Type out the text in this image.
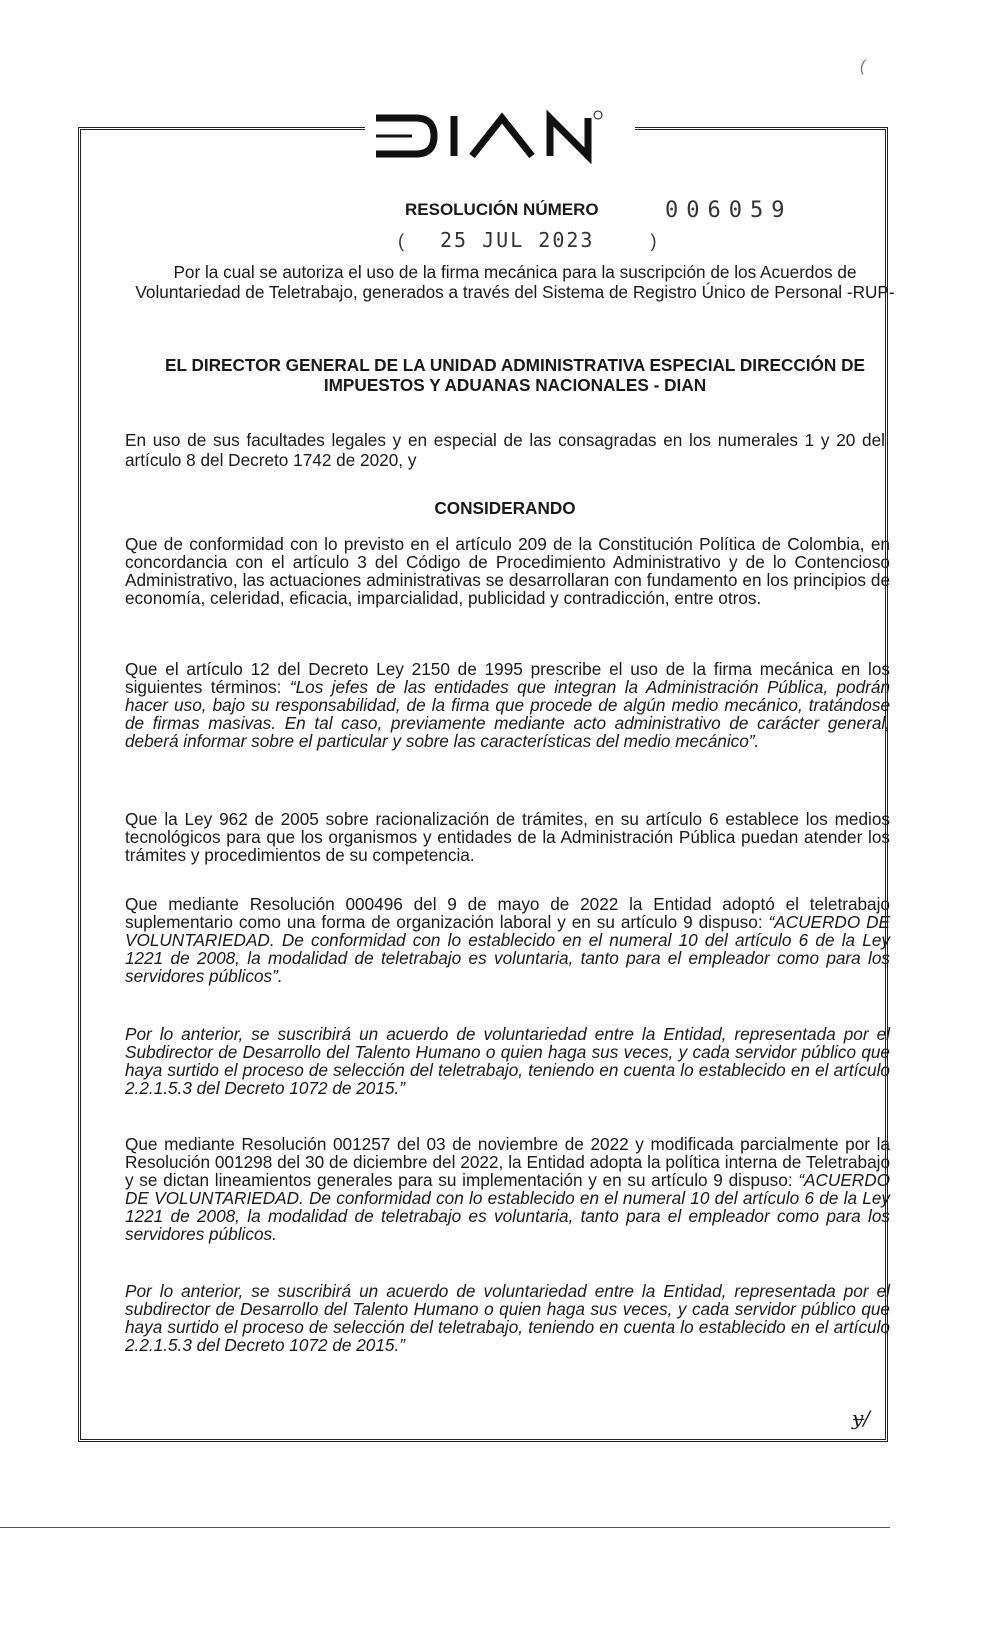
(
RESOLUCIÓN NÚMERO	006059
( 25 JUL 2023	)
Por la cual se autoriza el uso de la firma mecánica para la suscripción de los Acuerdos de Voluntariedad de Teletrabajo, generados a través del Sistema de Registro Único de Personal -RUP-
EL DIRECTOR GENERAL DE LA UNIDAD ADMINISTRATIVA ESPECIAL DIRECCIÓN DE IMPUESTOS Y ADUANAS NACIONALES - DIAN
En uso de sus facultades legales y en especial de las consagradas en los numerales 1 y 20 del artículo 8 del Decreto 1742 de 2020, y
CONSIDERANDO
Que de conformidad con lo previsto en el artículo 209 de la Constitución Política de Colombia, en concordancia con el artículo 3 del Código de Procedimiento Administrativo y de lo Contencioso Administrativo, las actuaciones administrativas se desarrollaran con fundamento en los principios de economía, celeridad, eficacia, imparcialidad, publicidad y contradicción, entre otros.
Que el artículo 12 del Decreto Ley 2150 de 1995 prescribe el uso de la firma mecánica en los siguientes términos: “Los jefes de las entidades que integran la Administración Pública, podrán hacer uso, bajo su responsabilidad, de la firma que procede de algún medio mecánico, tratándose de firmas masivas. En tal caso, previamente mediante acto administrativo de carácter general, deberá informar sobre el particular y sobre las características del medio mecánico”.
Que la Ley 962 de 2005 sobre racionalización de trámites, en su artículo 6 establece los medios tecnológicos para que los organismos y entidades de la Administración Pública puedan atender los trámites y procedimientos de su competencia.
Que mediante Resolución 000496 del 9 de mayo de 2022 la Entidad adoptó el teletrabajo suplementario como una forma de organización laboral y en su artículo 9 dispuso: “ACUERDO DE VOLUNTARIEDAD. De conformidad con lo establecido en el numeral 10 del artículo 6 de la Ley 1221 de 2008, la modalidad de teletrabajo es voluntaria, tanto para el empleador como para los servidores públicos”.
Por lo anterior, se suscribirá un acuerdo de voluntariedad entre la Entidad, representada por el Subdirector de Desarrollo del Talento Humano o quien haga sus veces, y cada servidor público que haya surtido el proceso de selección del teletrabajo, teniendo en cuenta lo establecido en el artículo 2.2.1.5.3 del Decreto 1072 de 2015.”
Que mediante Resolución 001257 del 03 de noviembre de 2022 y modificada parcialmente por la Resolución 001298 del 30 de diciembre del 2022, la Entidad adopta la política interna de Teletrabajo y se dictan lineamientos generales para su implementación y en su artículo 9 dispuso: “ACUERDO DE VOLUNTARIEDAD. De conformidad con lo establecido en el numeral 10 del artículo 6 de la Ley 1221 de 2008, la modalidad de teletrabajo es voluntaria, tanto para el empleador como para los servidores públicos.
Por lo anterior, se suscribirá un acuerdo de voluntariedad entre la Entidad, representada por el subdirector de Desarrollo del Talento Humano o quien haga sus veces, y cada servidor público que haya surtido el proceso de selección del teletrabajo, teniendo en cuenta lo establecido en el artículo 2.2.1.5.3 del Decreto 1072 de 2015.”
ɏ/
